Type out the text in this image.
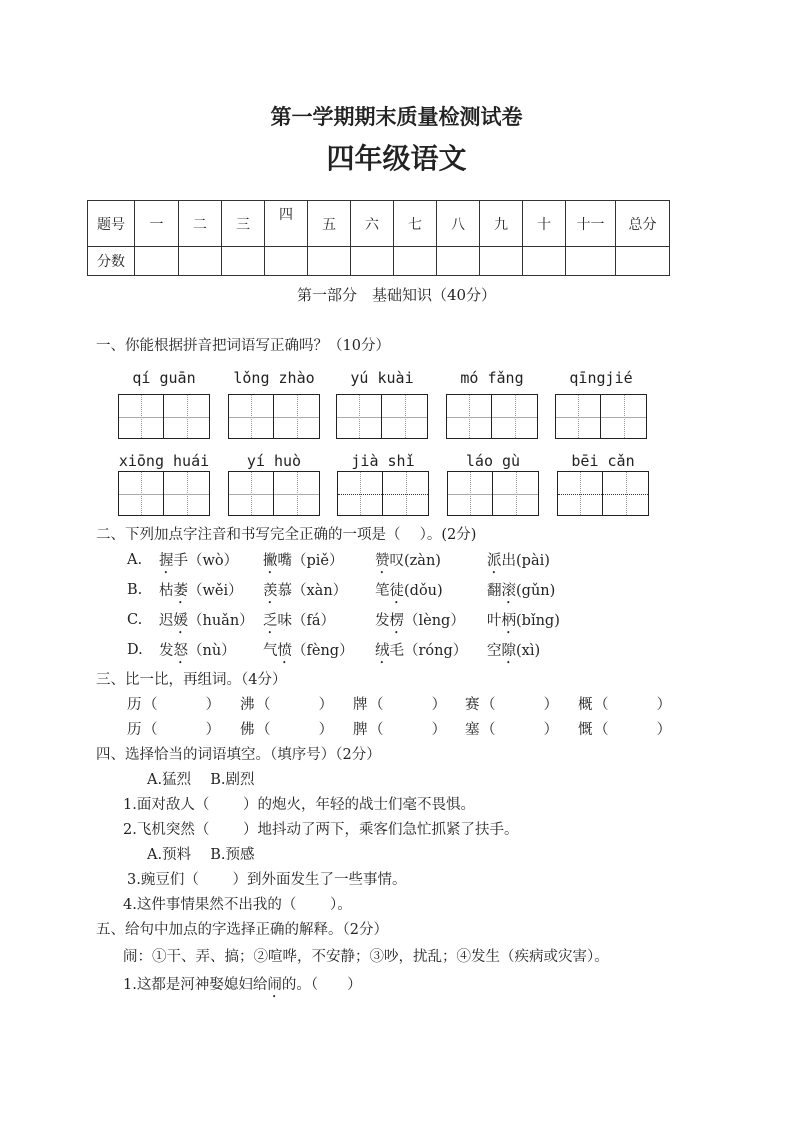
第一学期期末质量检测试卷
四年级语文
题号	一	二	三	四	五	六	七	八	九	十	十一	总分
分数												
第一部分　基础知识（40分）
一、你能根据拼音把词语写正确吗？（10分）
qí guān	lǒng zhào	yú kuài	mó fǎng	qīngjié
xiōng huái	yí huò	jià shǐ	láo gù	bēi cǎn
二、下列加点字注音和书写完全正确的一项是（　 ）。(2分)
A. 握手（wò） 撇嘴（piě） 赞叹(zàn)	派出(pài)
B. 枯萎（wěi） 羡慕（xàn） 笔徒(dǒu)	翻滚(gǔn)
C. 迟媛（huǎn） 乏味（fá）	发楞（lèng） 叶柄(bǐng)
D. 发怒（nù） 气愤（fèng） 绒毛（róng） 空隙(xì)
三、比一比，再组词。（4分）
历 （　　　 ） 沸 （　　　 ） 牌 （　　　 ） 赛 （　　　 ） 概 （　　　 ）
历 （　　　 ） 佛 （　　　 ） 脾 （　　　 ） 塞 （　　　 ） 慨 （　　　 ）
四、选择恰当的词语填空。（填序号）（2分）
A.猛烈　 B.剧烈
1.面对敌人（　　 ）的炮火，年轻的战士们毫不畏惧。
2.飞机突然（　　 ）地抖动了两下，乘客们急忙抓紧了扶手。
A.预料　 B.预感
3.豌豆们（　　 ）到外面发生了一些事情。
4.这件事情果然不出我的（　　 ）。
五、给句中加点的字选择正确的解释。（2分）
闹：①干、弄、搞；②喧哗，不安静；③吵，扰乱；④发生（疾病或灾害）。
1.这都是河神娶媳妇给闹的。（　　）
